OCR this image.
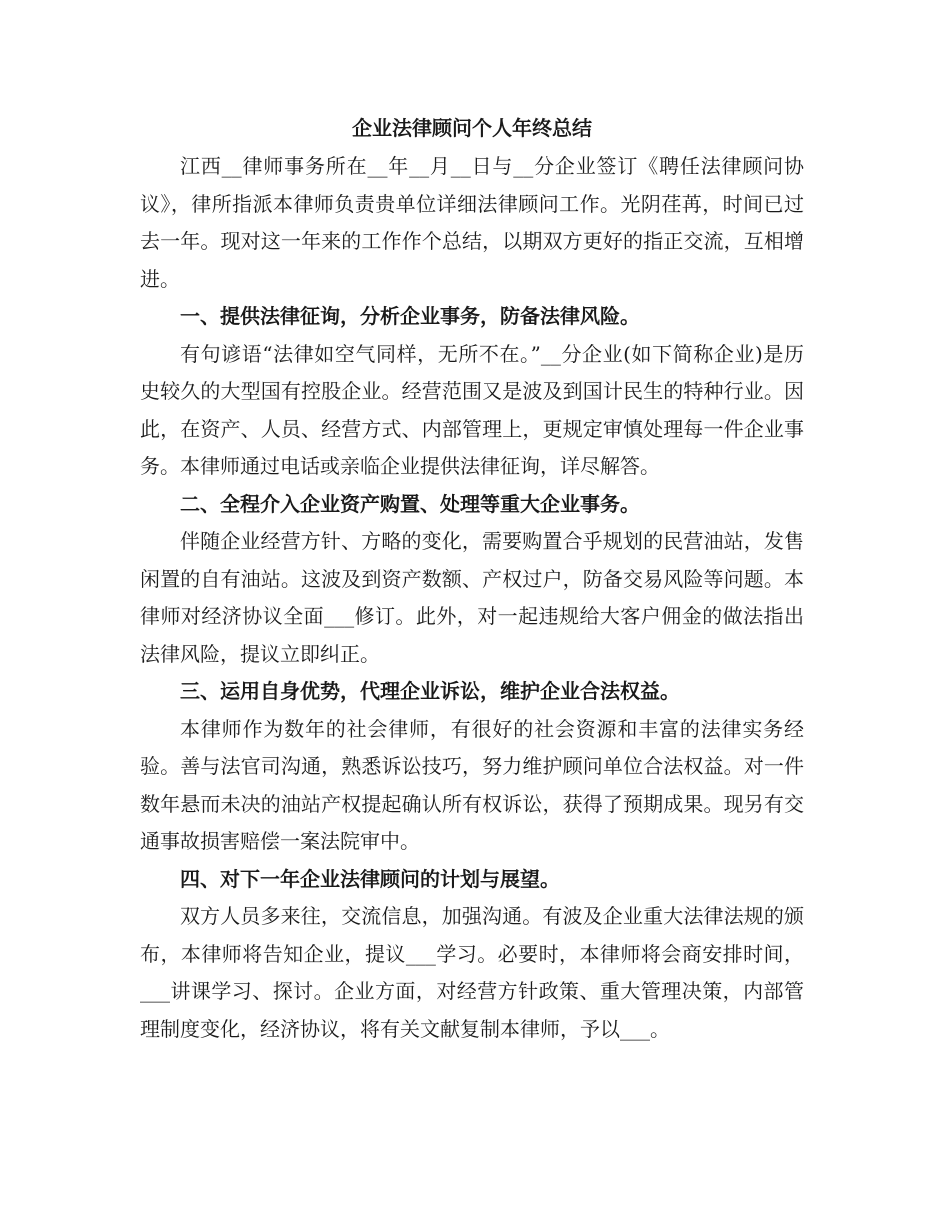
企业法律顾问个人年终总结

江西__律师事务所在__年__月__日与__分企业签订《聘任法律顾问协议》，律所指派本律师负责贵单位详细法律顾问工作。光阴荏苒，时间已过去一年。现对这一年来的工作作个总结，以期双方更好的指正交流，互相增进。

一、提供法律征询，分析企业事务，防备法律风险。

有句谚语“法律如空气同样，无所不在。”__分企业(如下简称企业)是历史较久的大型国有控股企业。经营范围又是波及到国计民生的特种行业。因此，在资产、人员、经营方式、内部管理上，更规定审慎处理每一件企业事务。本律师通过电话或亲临企业提供法律征询，详尽解答。

二、全程介入企业资产购置、处理等重大企业事务。

伴随企业经营方针、方略的变化，需要购置合乎规划的民营油站，发售闲置的自有油站。这波及到资产数额、产权过户，防备交易风险等问题。本律师对经济协议全面___修订。此外，对一起违规给大客户佣金的做法指出法律风险，提议立即纠正。

三、运用自身优势，代理企业诉讼，维护企业合法权益。

本律师作为数年的社会律师，有很好的社会资源和丰富的法律实务经验。善与法官司沟通，熟悉诉讼技巧，努力维护顾问单位合法权益。对一件数年悬而未决的油站产权提起确认所有权诉讼，获得了预期成果。现另有交通事故损害赔偿一案法院审中。

四、对下一年企业法律顾问的计划与展望。

双方人员多来往，交流信息，加强沟通。有波及企业重大法律法规的颁布，本律师将告知企业，提议___学习。必要时，本律师将会商安排时间，___讲课学习、探讨。企业方面，对经营方针政策、重大管理决策，内部管理制度变化，经济协议，将有关文献复制本律师，予以___。
